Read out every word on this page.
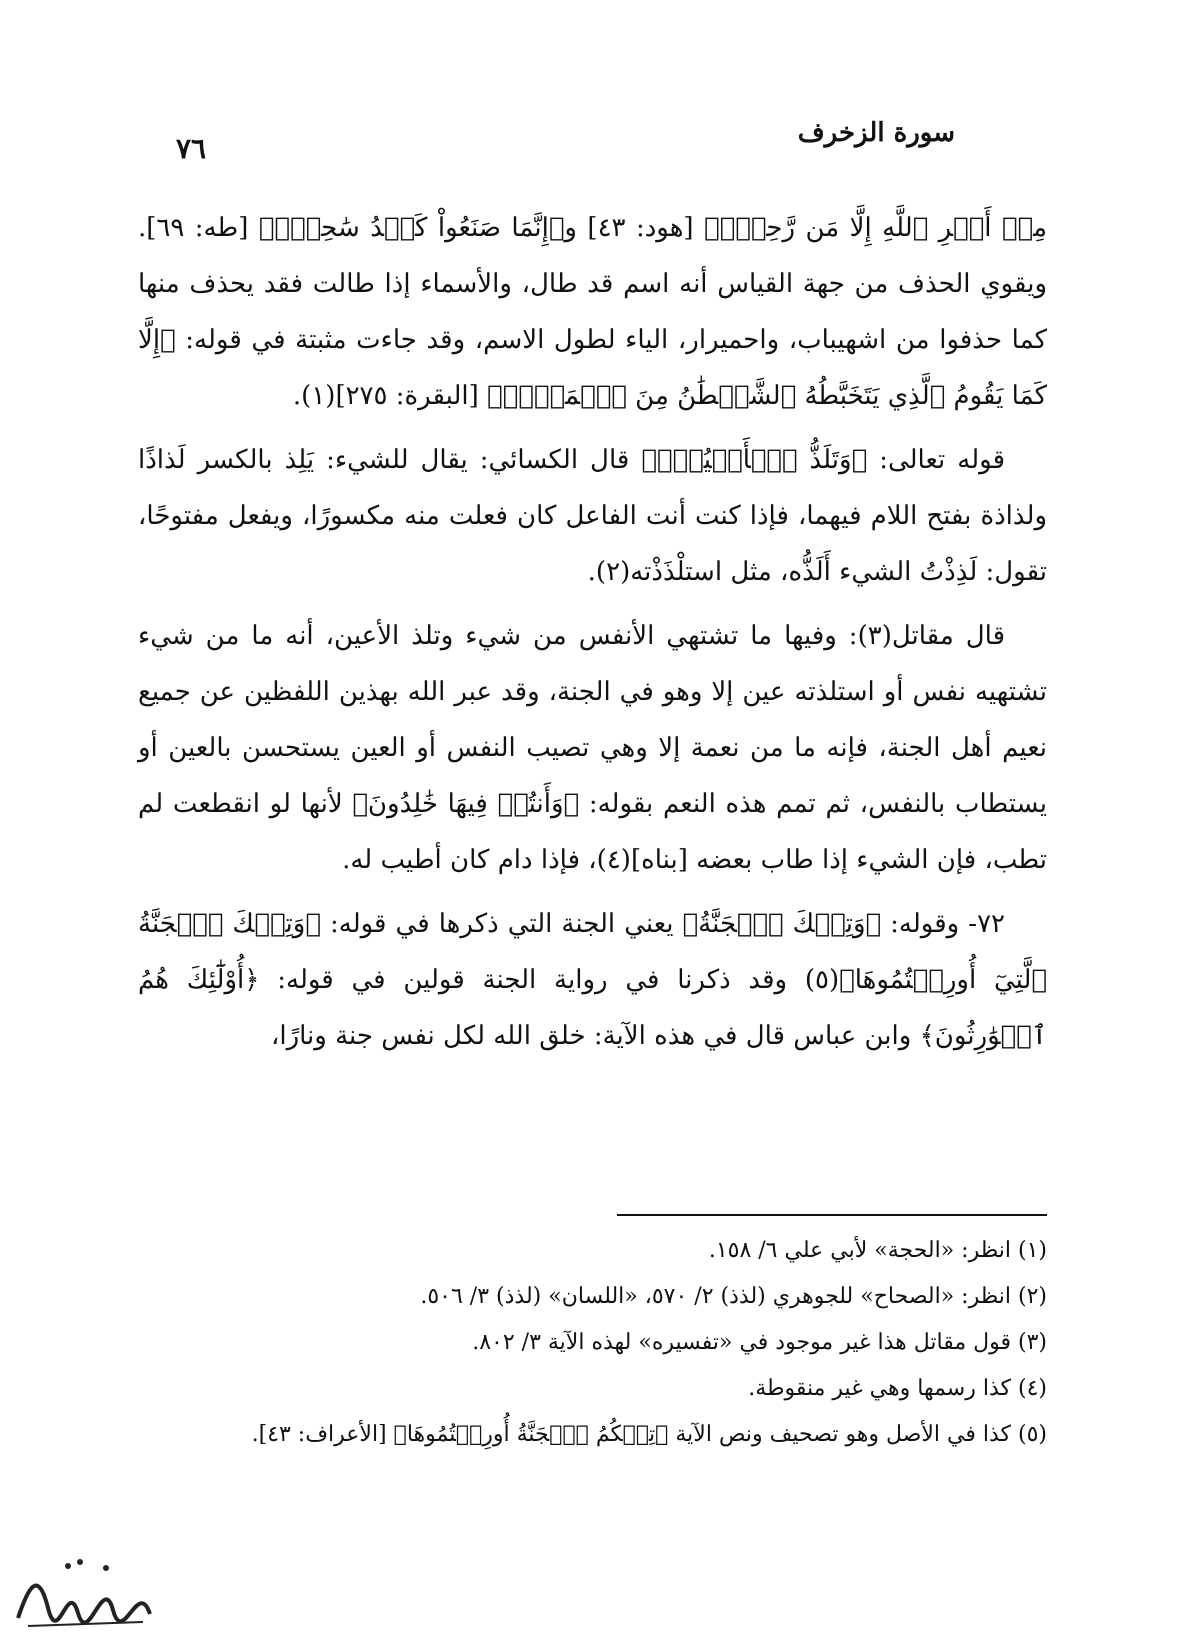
سورة الزخرف
٧٦

مِنۡ أَمۡرِ ٱللَّهِ إِلَّا مَن رَّحِمَۚ﴾ [هود: ٤٣] و﴿إِنَّمَا صَنَعُواْ كَيۡدُ سَٰحِرٖۖ﴾ [طه: ٦٩]. ويقوي الحذف من جهة القياس أنه اسم قد طال، والأسماء إذا طالت فقد يحذف منها كما حذفوا من اشهيباب، واحميرار، الياء لطول الاسم، وقد جاءت مثبتة في قوله: ﴿إِلَّا كَمَا يَقُومُ ٱلَّذِي يَتَخَبَّطُهُ ٱلشَّيۡطَٰنُ مِنَ ٱلۡمَسِّۚ﴾ [البقرة: ٢٧٥](١).

قوله تعالى: ﴿وَتَلَذُّ ٱلۡأَعۡيُنُۖ﴾ قال الكسائي: يقال للشيء: يَلِذ بالكسر لَذاذًا ولذاذة بفتح اللام فيهما، فإذا كنت أنت الفاعل كان فعلت منه مكسورًا، ويفعل مفتوحًا، تقول: لَذِذْتُ الشيء أَلَذُّه، مثل استلْذَذْته(٢).

قال مقاتل(٣): وفيها ما تشتهي الأنفس من شيء وتلذ الأعين، أنه ما من شيء تشتهيه نفس أو استلذته عين إلا وهو في الجنة، وقد عبر الله بهذين اللفظين عن جميع نعيم أهل الجنة، فإنه ما من نعمة إلا وهي تصيب النفس أو العين يستحسن بالعين أو يستطاب بالنفس، ثم تمم هذه النعم بقوله: ﴿وَأَنتُمۡ فِيهَا خَٰلِدُونَ﴾ لأنها لو انقطعت لم تطب، فإن الشيء إذا طاب بعضه [بناه](٤)، فإذا دام كان أطيب له.

٧٢- وقوله: ﴿وَتِلۡكَ ٱلۡجَنَّةُ﴾ يعني الجنة التي ذكرها في قوله: ﴿وَتِلۡكَ ٱلۡجَنَّةُ ٱلَّتِيٓ أُورِثۡتُمُوهَا﴾(٥) وقد ذكرنا في رواية الجنة قولين في قوله: ﴿أُوْلَٰٓئِكَ هُمُ ٱلۡوَٰرِثُونَ﴾ وابن عباس قال في هذه الآية: خلق الله لكل نفس جنة ونارًا،

(١) انظر: «الحجة» لأبي علي ٦/ ١٥٨.

(٢) انظر: «الصحاح» للجوهري (لذذ) ٢/ ٥٧٠، «اللسان» (لذذ) ٣/ ٥٠٦.

(٣) قول مقاتل هذا غير موجود في «تفسيره» لهذه الآية ٣/ ٨٠٢.

(٤) كذا رسمها وهي غير منقوطة.

(٥) كذا في الأصل وهو تصحيف ونص الآية ﴿تِلۡكُمُ ٱلۡجَنَّةُ أُورِثۡتُمُوهَا﴾ [الأعراف: ٤٣].
